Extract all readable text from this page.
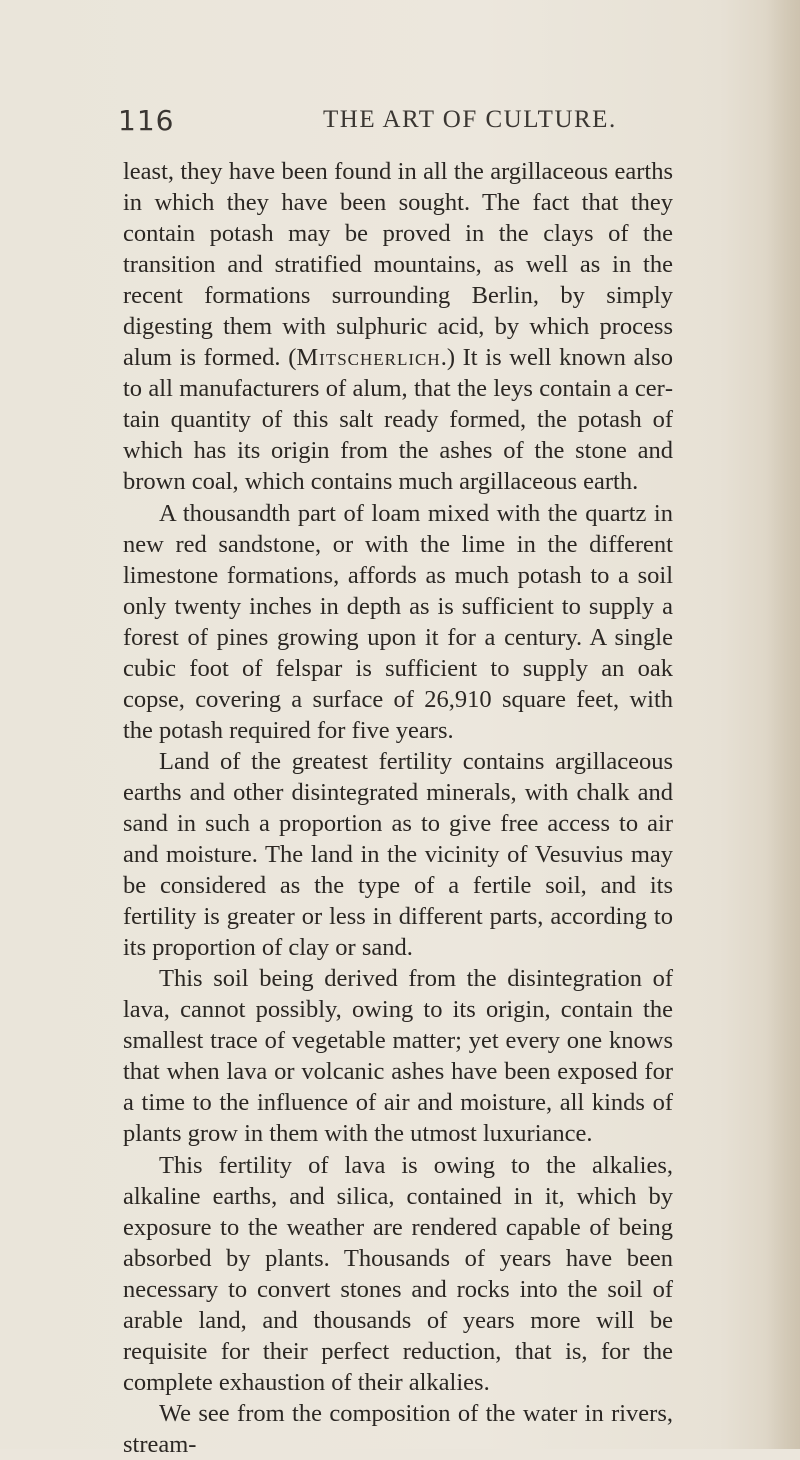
116	THE ART OF CULTURE.

least, they have been found in all the argillaceous earths in which they have been sought. The fact that they contain potash may be proved in the clays of the transition and stratified mountains, as well as in the recent formations surrounding Berlin, by simply digesting them with sulphuric acid, by which process alum is formed. (Mitscherlich.) It is well known also to all manufacturers of alum, that the leys contain a certain quantity of this salt ready formed, the potash of which has its origin from the ashes of the stone and brown coal, which contains much argillaceous earth.

A thousandth part of loam mixed with the quartz in new red sandstone, or with the lime in the different limestone formations, affords as much potash to a soil only twenty inches in depth as is sufficient to supply a forest of pines growing upon it for a century. A single cubic foot of felspar is sufficient to supply an oak copse, covering a surface of 26,910 square feet, with the potash required for five years.

Land of the greatest fertility contains argillaceous earths and other disintegrated minerals, with chalk and sand in such a proportion as to give free access to air and moisture. The land in the vicinity of Vesuvius may be considered as the type of a fertile soil, and its fertility is greater or less in different parts, according to its proportion of clay or sand.

This soil being derived from the disintegration of lava, cannot possibly, owing to its origin, contain the smallest trace of vegetable matter; yet every one knows that when lava or volcanic ashes have been exposed for a time to the influence of air and moisture, all kinds of plants grow in them with the utmost luxuriance.

This fertility of lava is owing to the alkalies, alkaline earths, and silica, contained in it, which by exposure to the weather are rendered capable of being absorbed by plants. Thousands of years have been necessary to convert stones and rocks into the soil of arable land, and thousands of years more will be requisite for their perfect reduction, that is, for the complete exhaustion of their alkalies.

We see from the composition of the water in rivers, stream-
